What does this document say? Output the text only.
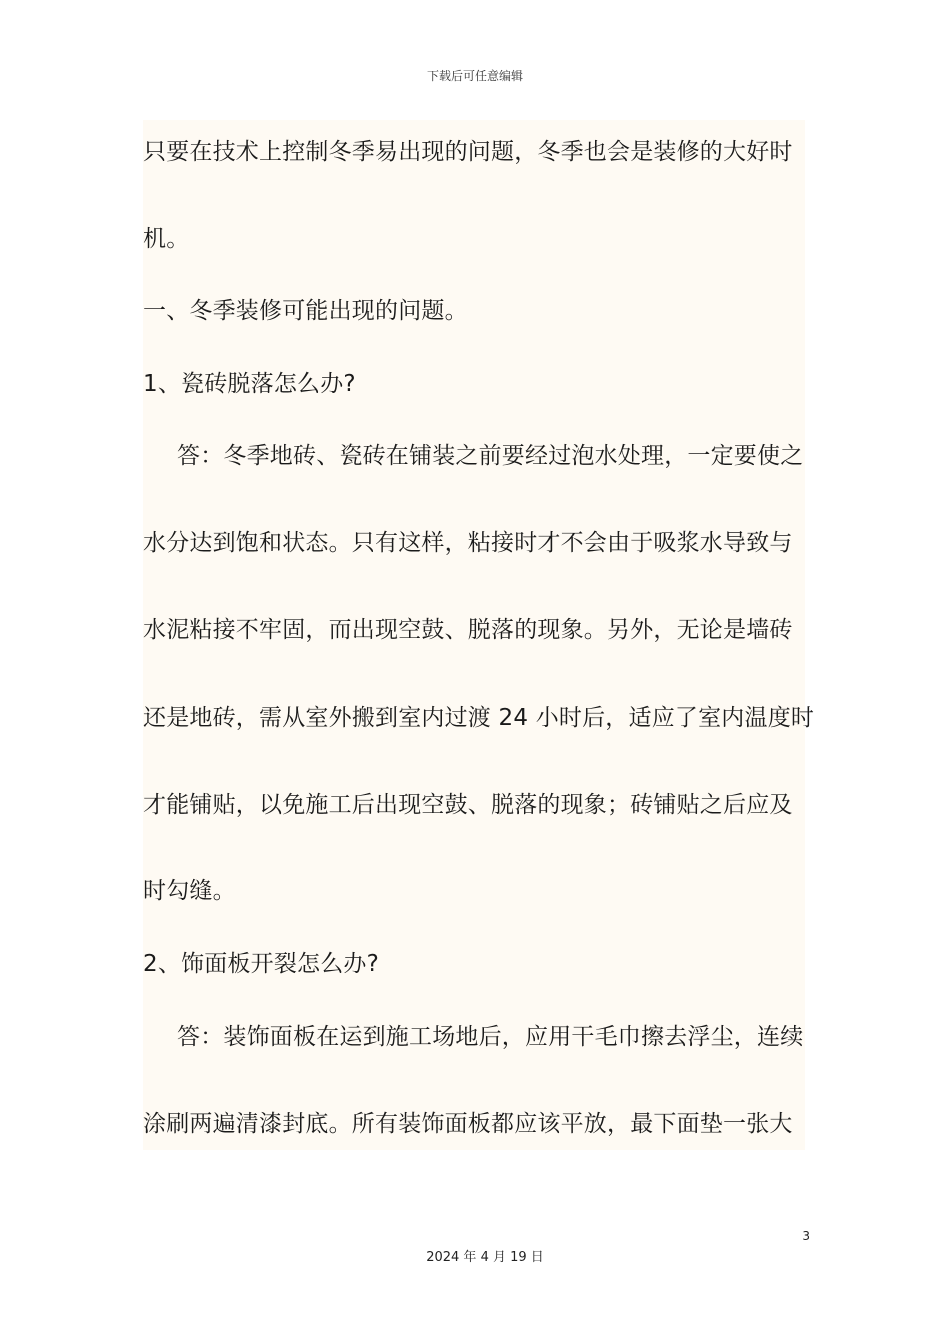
下载后可任意编辑
只要在技术上控制冬季易出现的问题，冬季也会是装修的大好时
机。
一、冬季装修可能出现的问题。
1、瓷砖脱落怎么办?
答：冬季地砖、瓷砖在铺装之前要经过泡水处理，一定要使之
水分达到饱和状态。只有这样，粘接时才不会由于吸浆水导致与
水泥粘接不牢固，而出现空鼓、脱落的现象。另外，无论是墙砖
还是地砖，需从室外搬到室内过渡 24 小时后，适应了室内温度时
才能铺贴，以免施工后出现空鼓、脱落的现象；砖铺贴之后应及
时勾缝。
2、饰面板开裂怎么办?
答：装饰面板在运到施工场地后，应用干毛巾擦去浮尘，连续
涂刷两遍清漆封底。所有装饰面板都应该平放，最下面垫一张大
3
2024 年 4 月 19 日
